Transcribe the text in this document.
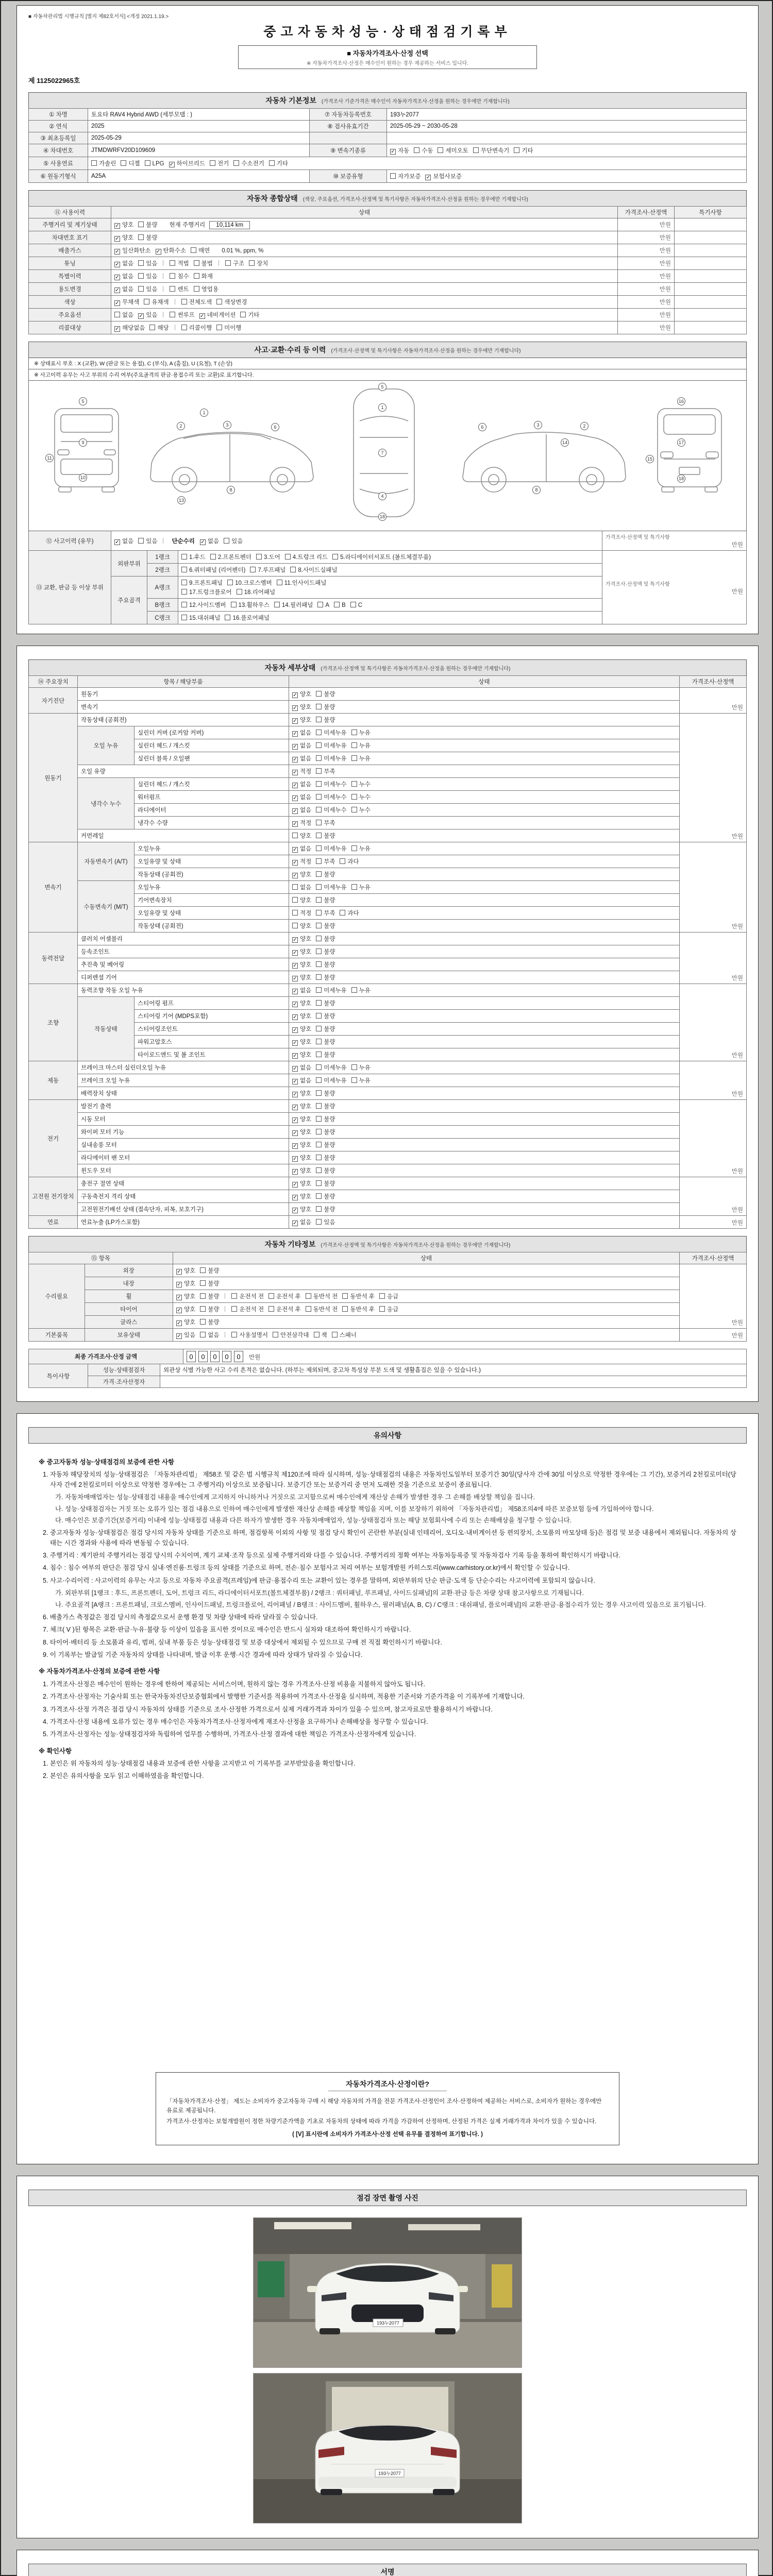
■ 자동차관리법 시행규칙 [별지 제82호서식] <개정 2021.1.19.>
중고자동차성능·상태점검기록부
■ 자동차가격조사·산정 선택
※ 자동차가격조사·산정은 매수인이 원하는 경우 제공하는 서비스 입니다.
제 1125022965호
자동차 기본정보 (가격조사 기준가격은 매수인이 자동차가격조사·산정을 원하는 경우에만 기재합니다)
① 차명	토요타 RAV4 Hybrid AWD (세부모델 : )	⑦ 자동차등록번호	193누2077
② 연식	2025	⑧ 검사유효기간	2025-05-29 ~ 2030-05-28
③ 최초등록일	2025-05-29		
④ 차대번호	JTMDWRFV20D109609	⑨ 변속기종류	✓ 자동 수동 세미오토 무단변속기 기타
⑤ 사용연료	가솔린 디젤 LPG ✓ 하이브리드 전기 수소전기 기타		
⑥ 원동기형식	A25A	⑩ 보증유형	자가보증 ✓ 보험사보증
자동차 종합상태 (색상, 주요옵션, 가격조사·산정액 및 특기사항은 자동차가격조사·산정을 원하는 경우에만 기재합니다)
⑪ 사용이력	상태	가격조사·산정액	특기사항
주행거리 및 계기상태	✓ 양호 불량 현재 주행거리 10,114 km	만원	
차대번호 표기	✓ 양호 불량	만원	
배출가스	✓ 일산화탄소 ✓ 탄화수소 매연 0.01 %, ppm, %	만원	
튜닝	✓ 없음 있음 적법 불법 구조 장치	만원	
특별이력	✓ 없음 있음 침수 화재	만원	
용도변경	✓ 없음 있음 렌트 영업용	만원	
색상	✓ 무채색 유채색 전체도색 색상변경	만원	
주요옵션	없음 ✓ 있음 썬루프 ✓ 네비게이션 기타	만원	
리콜대상	✓ 해당없음 해당 리콜이행 미이행	만원	
사고·교환·수리 등 이력 (가격조사·산정액 및 특기사항은 자동차가격조사·산정을 원하는 경우에만 기재합니다)
※ 상태표시 부호 : X (교환), W (판금 또는 용접), C (부식), A (흠집), U (요철), T (손상)
※ 사고이력 유무는 사고 부위의 수리 여부(주요골격의 판금·용접수리 또는 교환)로 표기합니다.
5
9
10
11
1
2	3	6
8
13
5
1
7
4
18
6	3	2
8
14
16
17
18
15
⑫ 사고이력 (유무)	✓ 없음 있음 단순수리 ✓ 없음 있음	
가격조사·산정액 및 특기사항
만원
⑬ 교환, 판금 등 이상 부위	외판부위	1랭크	1.후드 2.프론트펜더 3.도어 4.트렁크 리드 5.라디에이터서포트 (볼트체결부품)	가격조사·산정액 및 특기사항
만원

		2랭크	6.쿼터패널 (리어펜더) 7.루프패널 8.사이드실패널	
	주요골격	A랭크	9.프론트패널 10.크로스멤버 11.인사이드패널
17.트렁크플로어 18.리어패널	
		B랭크	12.사이드멤버 13.휠하우스 14.필러패널 A B C	
		C랭크	15.대쉬패널 16.플로어패널	
자동차 세부상태 (가격조사·산정액 및 특기사항은 자동차가격조사·산정을 원하는 경우에만 기재합니다)
⑭ 주요장치	항목 / 해당부품		상태	가격조사·산정액
자기진단	원동기		✓ 양호 불량	만원
	변속기		✓ 양호 불량	
원동기	작동상태 (공회전)		✓ 양호 불량	만원
	오일 누유	실린더 커버 (로커암 커버)	✓ 없음 미세누유 누유	
		실린더 헤드 / 개스킷	✓ 없음 미세누유 누유	
		실린더 블록 / 오일팬	✓ 없음 미세누유 누유	
	오일 유량		✓ 적정 부족	
	냉각수 누수	실린더 헤드 / 개스킷	✓ 없음 미세누수 누수	
		워터펌프	✓ 없음 미세누수 누수	
		라디에이터	✓ 없음 미세누수 누수	
		냉각수 수량	✓ 적정 부족	
	커먼레일		양호 불량	
변속기	자동변속기 (A/T)	오일누유	✓ 없음 미세누유 누유	만원
		오일유량 및 상태	✓ 적정 부족 과다	
		작동상태 (공회전)	✓ 양호 불량	
	수동변속기 (M/T)	오일누유	없음 미세누유 누유	
		기어변속장치	양호 불량	
		오일유량 및 상태	적정 부족 과다	
		작동상태 (공회전)	양호 불량	
동력전달	클러치 어셈블리		✓ 양호 불량	만원
	등속조인트		✓ 양호 불량	
	추진축 및 베어링		✓ 양호 불량	
	디퍼렌셜 기어		✓ 양호 불량	
조향	동력조향 작동 오일 누유		✓ 없음 미세누유 누유	만원
	작동상태	스티어링 펌프	✓ 양호 불량	
		스티어링 기어 (MDPS포함)	✓ 양호 불량	
		스티어링조인트	✓ 양호 불량	
		파워고압호스	✓ 양호 불량	
		타이로드엔드 및 볼 조인트	✓ 양호 불량	
제동	브레이크 마스터 실린더오일 누유		✓ 없음 미세누유 누유	만원
	브레이크 오일 누유		✓ 없음 미세누유 누유	
	배력장치 상태		✓ 양호 불량	
전기	발전기 출력		✓ 양호 불량	만원
	시동 모터		✓ 양호 불량	
	와이퍼 모터 기능		✓ 양호 불량	
	실내송풍 모터		✓ 양호 불량	
	라디에이터 팬 모터		✓ 양호 불량	
	윈도우 모터		✓ 양호 불량	
고전원 전기장치	충전구 절연 상태		✓ 양호 불량	만원
	구동축전지 격리 상태		✓ 양호 불량	
	고전원전기배선 상태 (접속단자, 피복, 보호기구)		✓ 양호 불량	
연료	연료누출 (LP가스포함)		✓ 없음 있음	만원
자동차 기타정보 (가격조사·산정액 및 특기사항은 자동차가격조사·산정을 원하는 경우에만 기재합니다)
⑮ 항목		상태	가격조사·산정액
수리필요	외장	✓ 양호 불량	만원
	내장	✓ 양호 불량	
	휠	✓ 양호 불량 운전석 전 운전석 후 동반석 전 동반석 후 응급	
	타이어	✓ 양호 불량 운전석 전 운전석 후 동반석 전 동반석 후 응급	
	글라스	✓ 양호 불량	
기본품목	보유상태	✓ 있음 없음 사용설명서 안전삼각대 잭 스패너	만원
최종 가격조사·산정 금액	0 0 0 0 0 만원
특이사항	성능·상태점검자	외관상 식별 가능한 사고 수리 흔적은 없습니다. (하부는 제외되며, 중고차 특성상 부분 도색 및 생활흠집은 있을 수 있습니다.)
	가격·조사산정자	
유의사항
※ 중고자동차 성능·상태점검의 보증에 관한 사항
1. 자동차 해당장치의 성능·상태점검은 「자동차관리법」 제58조 및 같은 법 시행규칙 제120조에 따라 실시하며, 성능·상태점검의 내용은 자동차인도일부터 보증기간 30일(당사자 간에 30일 이상으로 약정한 경우에는 그 기간), 보증거리 2천킬로미터(당사자 간에 2천킬로미터 이상으로 약정한 경우에는 그 주행거리) 이상으로 보증됩니다. 보증기간 또는 보증거리 중 먼저 도래한 것을 기준으로 보증이 종료됩니다.
가. 자동차매매업자는 성능·상태점검 내용을 매수인에게 고지하지 아니하거나 거짓으로 고지함으로써 매수인에게 재산상 손해가 발생한 경우 그 손해를 배상할 책임을 집니다.
나. 성능·상태점검자는 거짓 또는 오류가 있는 점검 내용으로 인하여 매수인에게 발생한 재산상 손해를 배상할 책임을 지며, 이를 보장하기 위하여 「자동차관리법」 제58조의4에 따른 보증보험 등에 가입하여야 합니다.
다. 매수인은 보증기간(보증거리) 이내에 성능·상태점검 내용과 다른 하자가 발생한 경우 자동차매매업자, 성능·상태점검자 또는 해당 보험회사에 수리 또는 손해배상을 청구할 수 있습니다.
2. 중고자동차 성능·상태점검은 점검 당시의 자동차 상태를 기준으로 하며, 점검항목 이외의 사항 및 점검 당시 확인이 곤란한 부분(실내 인테리어, 오디오·내비게이션 등 편의장치, 소모품의 마모상태 등)은 점검 및 보증 내용에서 제외됩니다. 자동차의 상태는 시간 경과와 사용에 따라 변동될 수 있습니다.
3. 주행거리 : 계기판의 주행거리는 점검 당시의 수치이며, 계기 교체·조작 등으로 실제 주행거리와 다를 수 있습니다. 주행거리의 정확 여부는 자동차등록증 및 자동차검사 기록 등을 통하여 확인하시기 바랍니다.
4. 침수 : 침수 여부의 판단은 점검 당시 실내·엔진룸·트렁크 등의 상태를 기준으로 하며, 전손·침수 보험사고 처리 여부는 보험개발원 카히스토리(www.carhistory.or.kr)에서 확인할 수 있습니다.
5. 사고·수리이력 : 사고이력의 유무는 사고 등으로 자동차 주요골격(프레임)에 판금·용접수리 또는 교환이 있는 경우를 말하며, 외판부위의 단순 판금·도색 등 단순수리는 사고이력에 포함되지 않습니다.
가. 외판부위 [1랭크 : 후드, 프론트펜더, 도어, 트렁크 리드, 라디에이터서포트(볼트체결부품) / 2랭크 : 쿼터패널, 루프패널, 사이드실패널]의 교환·판금 등은 차량 상태 참고사항으로 기재됩니다.
나. 주요골격 [A랭크 : 프론트패널, 크로스멤버, 인사이드패널, 트렁크플로어, 리어패널 / B랭크 : 사이드멤버, 휠하우스, 필러패널(A, B, C) / C랭크 : 대쉬패널, 플로어패널]의 교환·판금·용접수리가 있는 경우 사고이력 있음으로 표기됩니다.
6. 배출가스 측정값은 점검 당시의 측정값으로서 운행 환경 및 차량 상태에 따라 달라질 수 있습니다.
7. 체크( V )된 항목은 교환·판금·누유·불량 등 이상이 있음을 표시한 것이므로 매수인은 반드시 실차와 대조하여 확인하시기 바랍니다.
8. 타이어·배터리 등 소모품과 유리, 범퍼, 실내 부품 등은 성능·상태점검 및 보증 대상에서 제외될 수 있으므로 구매 전 직접 확인하시기 바랍니다.
9. 이 기록부는 발급일 기준 자동차의 상태를 나타내며, 발급 이후 운행·시간 경과에 따라 상태가 달라질 수 있습니다.
※ 자동차가격조사·산정의 보증에 관한 사항
1. 가격조사·산정은 매수인이 원하는 경우에 한하여 제공되는 서비스이며, 원하지 않는 경우 가격조사·산정 비용을 지불하지 않아도 됩니다.
2. 가격조사·산정자는 기술사회 또는 한국자동차진단보증협회에서 발행한 기준서를 적용하여 가격조사·산정을 실시하며, 적용한 기준서와 기준가격을 이 기록부에 기재합니다.
3. 가격조사·산정 가격은 점검 당시 자동차의 상태를 기준으로 조사·산정한 가격으로서 실제 거래가격과 차이가 있을 수 있으며, 참고자료로만 활용하시기 바랍니다.
4. 가격조사·산정 내용에 오류가 있는 경우 매수인은 자동차가격조사·산정자에게 재조사·산정을 요구하거나 손해배상을 청구할 수 있습니다.
5. 가격조사·산정자는 성능·상태점검자와 독립하여 업무를 수행하며, 가격조사·산정 결과에 대한 책임은 가격조사·산정자에게 있습니다.
※ 확인사항
1. 본인은 위 자동차의 성능·상태점검 내용과 보증에 관한 사항을 고지받고 이 기록부를 교부받았음을 확인합니다.
2. 본인은 유의사항을 모두 읽고 이해하였음을 확인합니다.
자동차가격조사·산정이란?
「자동차가격조사·산정」 제도는 소비자가 중고자동차 구매 시 해당 자동차의 가격을 전문 가격조사·산정인이 조사·산정하여 제공하는 서비스로, 소비자가 원하는 경우에만 유료로 제공됩니다.
가격조사·산정자는 보험개발원이 정한 차량기준가액을 기초로 자동차의 상태에 따라 가격을 가감하여 산정하며, 산정된 가격은 실제 거래가격과 차이가 있을 수 있습니다.
( [V] 표시란에 소비자가 가격조사·산정 선택 유무를 결정하여 표기합니다. )
점검 장면 촬영 사진
193누2077
193누2077
서명
